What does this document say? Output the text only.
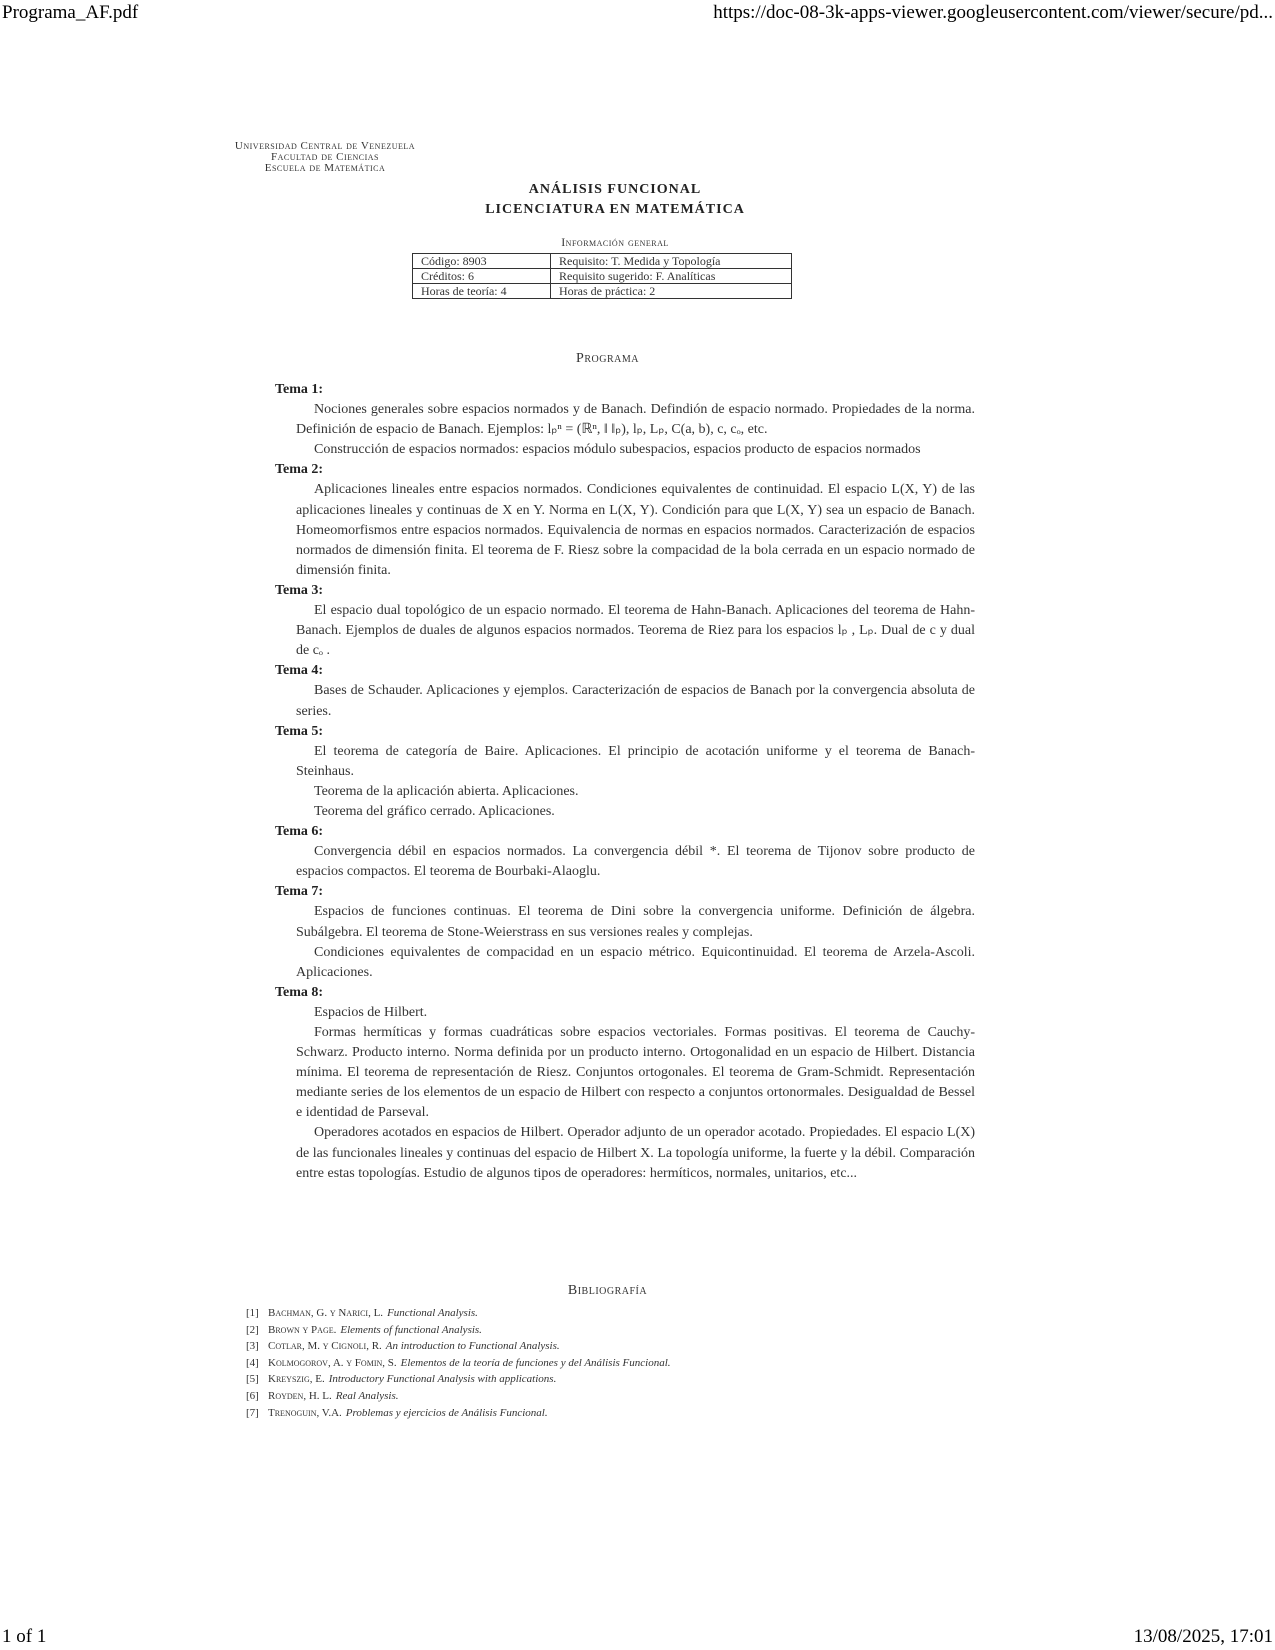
Programa_AF.pdf	https://doc-08-3k-apps-viewer.googleusercontent.com/viewer/secure/pd...
Universidad Central de Venezuela
Facultad de Ciencias
Escuela de Matemática
ANÁLISIS FUNCIONAL
LICENCIATURA EN MATEMÁTICA
Información general
Código: 8903	Requisito: T. Medida y Topología
Créditos: 6	Requisito sugerido: F. Analíticas
Horas de teoría: 4	Horas de práctica: 2
Programa
Tema 1:

Nociones generales sobre espacios normados y de Banach. Defindión de espacio normado. Propiedades de la norma. Definición de espacio de Banach. Ejemplos: lₚⁿ = (ℝⁿ, ‖ ‖ₚ), lₚ, Lₚ, C(a, b), c, cₒ, etc.

Construcción de espacios normados: espacios módulo subespacios, espacios producto de espacios normados

Tema 2:

Aplicaciones lineales entre espacios normados. Condiciones equivalentes de continuidad. El espacio L(X, Y) de las aplicaciones lineales y continuas de X en Y. Norma en L(X, Y). Condición para que L(X, Y) sea un espacio de Banach. Homeomorfismos entre espacios normados. Equivalencia de normas en espacios normados. Caracterización de espacios normados de dimensión finita. El teorema de F. Riesz sobre la compacidad de la bola cerrada en un espacio normado de dimensión finita.

Tema 3:

El espacio dual topológico de un espacio normado. El teorema de Hahn-Banach. Aplicaciones del teorema de Hahn-Banach. Ejemplos de duales de algunos espacios normados. Teorema de Riez para los espacios lₚ , Lₚ. Dual de c y dual de cₒ .

Tema 4:

Bases de Schauder. Aplicaciones y ejemplos. Caracterización de espacios de Banach por la convergencia absoluta de series.

Tema 5:

El teorema de categoría de Baire. Aplicaciones. El principio de acotación uniforme y el teorema de Banach-Steinhaus.

Teorema de la aplicación abierta. Aplicaciones.

Teorema del gráfico cerrado. Aplicaciones.

Tema 6:

Convergencia débil en espacios normados. La convergencia débil *. El teorema de Tijonov sobre producto de espacios compactos. El teorema de Bourbaki-Alaoglu.

Tema 7:

Espacios de funciones continuas. El teorema de Dini sobre la convergencia uniforme. Definición de álgebra. Subálgebra. El teorema de Stone-Weierstrass en sus versiones reales y complejas.

Condiciones equivalentes de compacidad en un espacio métrico. Equicontinuidad. El teorema de Arzela-Ascoli. Aplicaciones.

Tema 8:

Espacios de Hilbert.

Formas hermíticas y formas cuadráticas sobre espacios vectoriales. Formas positivas. El teorema de Cauchy-Schwarz. Producto interno. Norma definida por un producto interno. Ortogonalidad en un espacio de Hilbert. Distancia mínima. El teorema de representación de Riesz. Conjuntos ortogonales. El teorema de Gram-Schmidt. Representación mediante series de los elementos de un espacio de Hilbert con respecto a conjuntos ortonormales. Desigualdad de Bessel e identidad de Parseval.

Operadores acotados en espacios de Hilbert. Operador adjunto de un operador acotado. Propiedades. El espacio L(X) de las funcionales lineales y continuas del espacio de Hilbert X. La topología uniforme, la fuerte y la débil. Comparación entre estas topologías. Estudio de algunos tipos de operadores: hermíticos, normales, unitarios, etc...

Bibliografía
[1] Bachman, G. y Narici, L. Functional Analysis.
[2] Brown y Page. Elements of functional Analysis.
[3] Cotlar, M. y Cignoli, R. An introduction to Functional Analysis.
[4] Kolmogorov, A. y Fomin, S. Elementos de la teoría de funciones y del Análisis Funcional.
[5] Kreyszig, E. Introductory Functional Analysis with applications.
[6] Royden, H. L. Real Analysis.
[7] Trenoguin, V.A. Problemas y ejercicios de Análisis Funcional.
1 of 1	13/08/2025, 17:01
